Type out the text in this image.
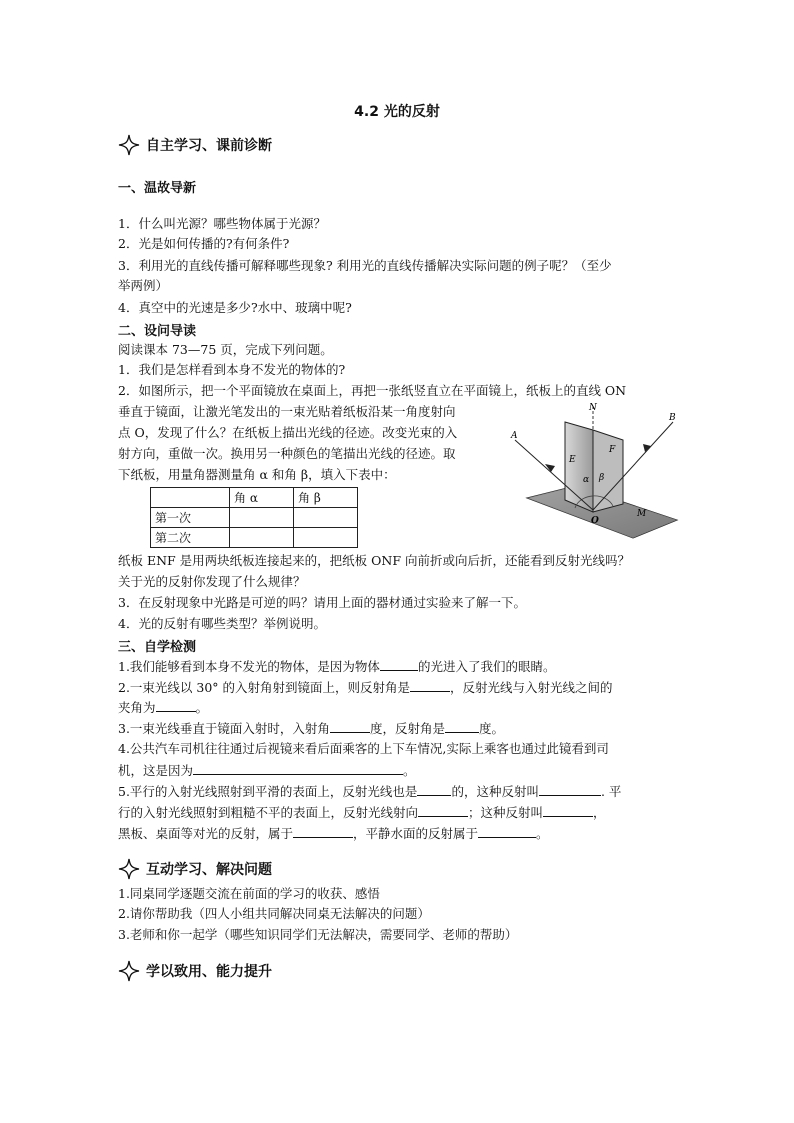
4.2 光的反射
自主学习、课前诊断
一、温故导新
1．什么叫光源？哪些物体属于光源？
2．光是如何传播的?有何条件?
3．利用光的直线传播可解释哪些现象? 利用光的直线传播解决实际问题的例子呢？（至少
举两例）
4．真空中的光速是多少?水中、玻璃中呢?
二、设问导读
阅读课本 73—75 页，完成下列问题。
1．我们是怎样看到本身不发光的物体的?
2．如图所示，把一个平面镜放在桌面上，再把一张纸竖直立在平面镜上，纸板上的直线 ON
垂直于镜面，让激光笔发出的一束光贴着纸板沿某一角度射向
点 O，发现了什么？在纸板上描出光线的径迹。改变光束的入
射方向，重做一次。换用另一种颜色的笔描出光线的径迹。取
下纸板，用量角器测量角 α 和角 β，填入下表中：
	角 α	角 β
第一次		
第二次		
N
A
B
E
F
α β
O
M
纸板 ENF 是用两块纸板连接起来的，把纸板 ONF 向前折或向后折，还能看到反射光线吗？
关于光的反射你发现了什么规律？
3．在反射现象中光路是可逆的吗？请用上面的器材通过实验来了解一下。
4．光的反射有哪些类型？举例说明。
三、自学检测
1.我们能够看到本身不发光的物体，是因为物体	的光进入了我们的眼睛。
2.一束光线以 30° 的入射角射到镜面上，则反射角是	，反射光线与入射光线之间的
夹角为	。
3.一束光线垂直于镜面入射时，入射角	度，反射角是	度。
4.公共汽车司机往往通过后视镜来看后面乘客的上下车情况,实际上乘客也通过此镜看到司
机，这是因为	。
5.平行的入射光线照射到平滑的表面上，反射光线也是	的，这种反射叫	. 平
行的入射光线照射到粗糙不平的表面上，反射光线射向	；这种反射叫	，
黑板、桌面等对光的反射，属于	，平静水面的反射属于	。
互动学习、解决问题
1.同桌同学逐题交流在前面的学习的收获、感悟
2.请你帮助我（四人小组共同解决同桌无法解决的问题）
3.老师和你一起学（哪些知识同学们无法解决，需要同学、老师的帮助）
学以致用、能力提升
